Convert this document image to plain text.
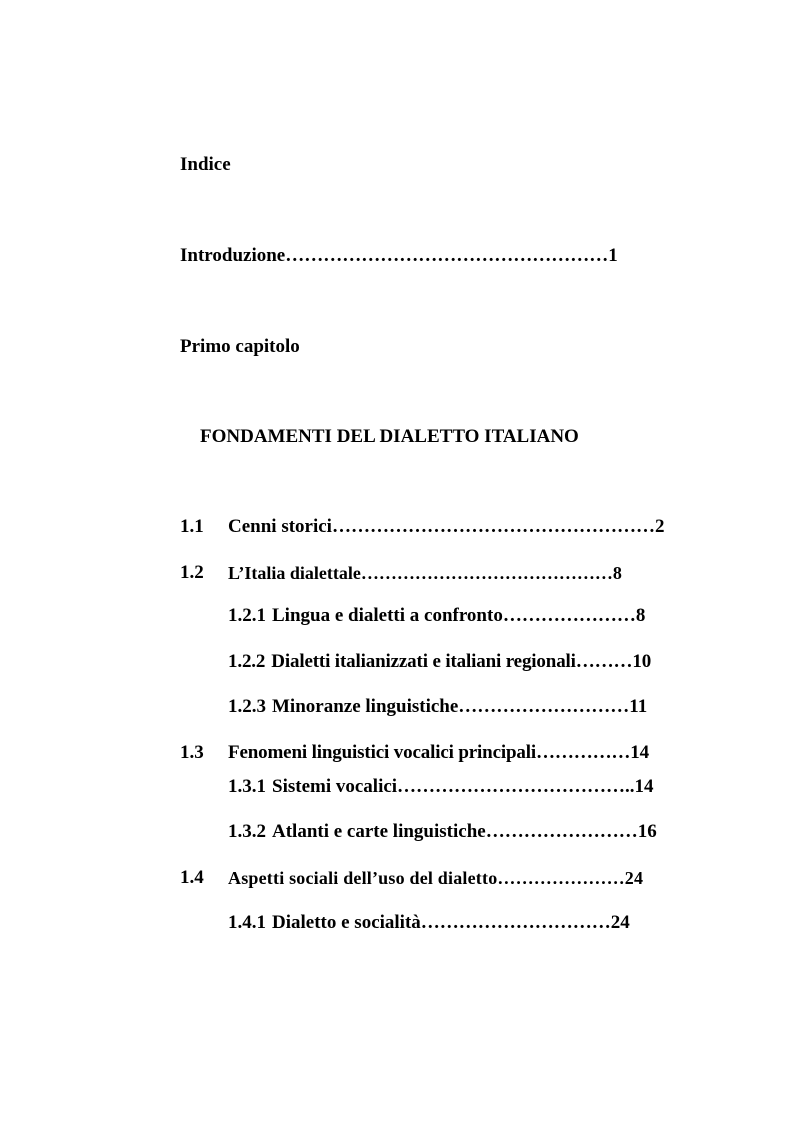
Indice
Introduzione……………………………………………1
Primo capitolo
FONDAMENTI DEL DIALETTO ITALIANO
1.1 Cenni storici……………………………………………2
1.2 L’Italia dialettale……………………………………8
1.2.1 Lingua e dialetti a confronto…………………8
1.2.2 Dialetti italianizzati e italiani regionali………10
1.2.3 Minoranze linguistiche………………………11
1.3 Fenomeni linguistici vocalici principali……………14
1.3.1 Sistemi vocalici………………………………..14
1.3.2 Atlanti e carte linguistiche……………………16
1.4 Aspetti sociali dell’uso del dialetto…………………24
1.4.1 Dialetto e socialità…………………………24
